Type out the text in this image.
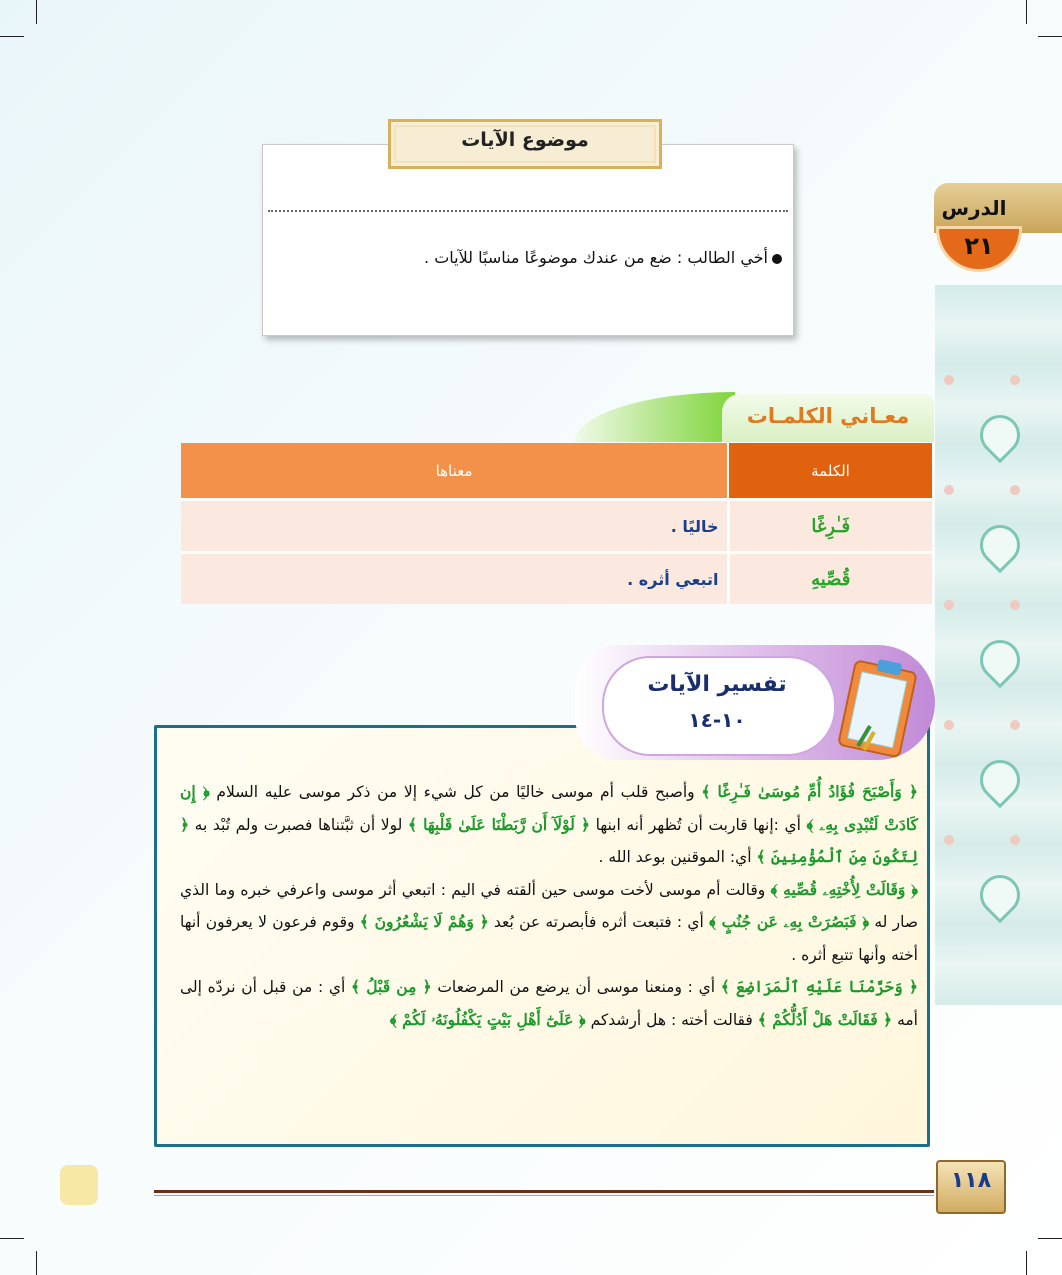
الدرس
٢١
موضوع الآيات
أخي الطالب : ضع من عندك موضوعًا مناسبًا للآيات .
معـاني الكلمـات
الكلمة	معناها
فَـٰرِغًا	خاليًا .
قُصِّيهِ	اتبعي أثره .
تفسير الآيات
١٠-١٤
﴿ وَأَصْبَحَ فُؤَادُ أُمِّ مُوسَىٰ فَـٰرِغًا ﴾ وأصبح قلب أم موسى خاليًا من كل شيء إلا من ذكر موسى عليه السلام ﴿ إِن كَادَتْ لَتُبْدِى بِهِۦ ﴾ أي :إنها قاربت أن تُظهر أنه ابنها ﴿ لَوْلَآ أَن رَّبَطْنَا عَلَىٰ قَلْبِهَا ﴾ لولا أن ثبَّتناها فصبرت ولم تُبْد به ﴿ لِتَكُونَ مِنَ ٱلْمُؤْمِنِينَ ﴾ أي: الموقنين بوعد الله .
﴿ وَقَالَتْ لِأُخْتِهِۦ قُصِّيهِ ﴾ وقالت أم موسى لأخت موسى حين ألقته في اليم : اتبعي أثر موسى واعرفي خبره وما الذي صار له ﴿ فَبَصُرَتْ بِهِۦ عَن جُنُبٍ ﴾ أي : فتبعت أثره فأبصرته عن بُعد ﴿ وَهُمْ لَا يَشْعُرُونَ ﴾ وقوم فرعون لا يعرفون أنها أخته وأنها تتبع أثره .
﴿ وَحَرَّمْنَا عَلَيْهِ ٱلْمَرَاضِعَ ﴾ أي : ومنعنا موسى أن يرضع من المرضعات ﴿ مِن قَبْلُ ﴾ أي : من قبل أن نردّه إلى أمه ﴿ فَقَالَتْ هَلْ أَدُلُّكُمْ ﴾ فقالت أخته : هل أرشدكم ﴿ عَلَىٰٓ أَهْلِ بَيْتٍ يَكْفُلُونَهُۥ لَكُمْ ﴾
١١٨
